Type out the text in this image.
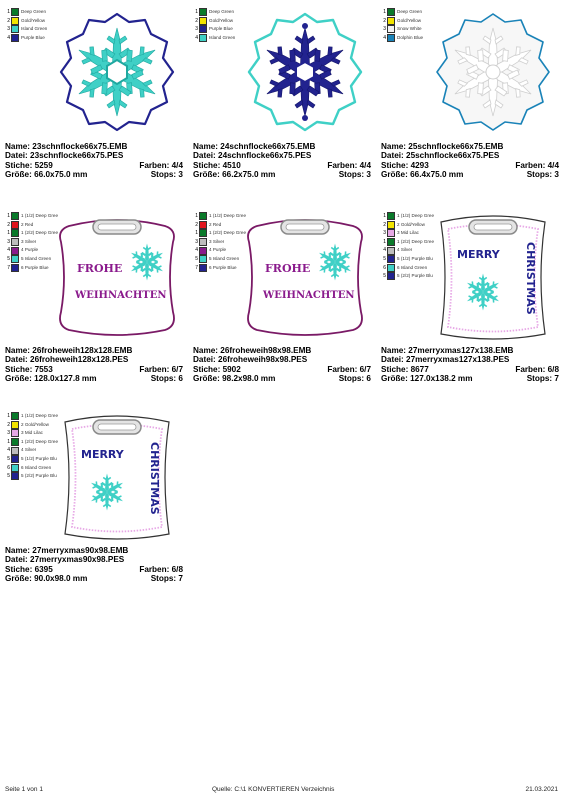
1 Deep Green
2 Gold/Yellow
3 Island Green
4 Purple Blue
Name: 23schnflocke66x75.EMB
Datei: 23schnflocke66x75.PES
Stiche: 5259	Farben: 4/4
Größe: 66.0x75.0 mm	Stops: 3
1 Deep Green
2 Gold/Yellow
3 Purple Blue
4 Island Green
Name: 24schnflocke66x75.EMB
Datei: 24schnflocke66x75.PES
Stiche: 4510	Farben: 4/4
Größe: 66.2x75.0 mm	Stops: 3
1 Deep Green
2 Gold/Yellow
3 Snow White
4 Dolphin Blue
Name: 25schnflocke66x75.EMB
Datei: 25schnflocke66x75.PES
Stiche: 4293	Farben: 4/4
Größe: 66.4x75.0 mm	Stops: 3
1 1 (1/2) Deep Gree
2 2 Red
1 1 (2/2) Deep Gree
3 3 Silver
4 4 Purple
5 5 Island Green
7 6 Purple Blue	FROHE
WEIHNACHTEN
Name: 26froheweih128x128.EMB
Datei: 26froheweih128x128.PES
Stiche: 7553	Farben: 6/7
Größe: 128.0x127.8 mm	Stops: 6
1 1 (1/2) Deep Gree
2 2 Red
1 1 (2/2) Deep Gree
3 3 Silver
4 4 Purple
5 5 Island Green
7 6 Purple Blue	FROHE
WEIHNACHTEN
Name: 26froheweih98x98.EMB
Datei: 26froheweih98x98.PES
Stiche: 5902	Farben: 6/7
Größe: 98.2x98.0 mm	Stops: 6
1 1 (1/2) Deep Gree
2 2 Gold/Yellow
3 3 Mid Lilac
1 1 (2/2) Deep Gree
4 4 Silver
5 5 (1/2) Purple Blu
6 6 Island Green
5 5 (2/2) Purple Blu
MERRY CHRISTMAS
Name: 27merryxmas127x138.EMB
Datei: 27merryxmas127x138.PES
Stiche: 8677	Farben: 6/8
Größe: 127.0x138.2 mm	Stops: 7
1 1 (1/2) Deep Gree
2 2 Gold/Yellow
3 3 Mid Lilac
1 1 (2/2) Deep Gree
4 4 Silver
5 5 (1/2) Purple Blu
6 6 Island Green
5 5 (2/2) Purple Blu
MERRY CHRISTMAS
Name: 27merryxmas90x98.EMB
Datei: 27merryxmas90x98.PES
Stiche: 6395	Farben: 6/8
Größe: 90.0x98.0 mm	Stops: 7
Seite 1 von 1	Quelle: C:\1 KONVERTIEREN Verzeichnis	21.03.2021
